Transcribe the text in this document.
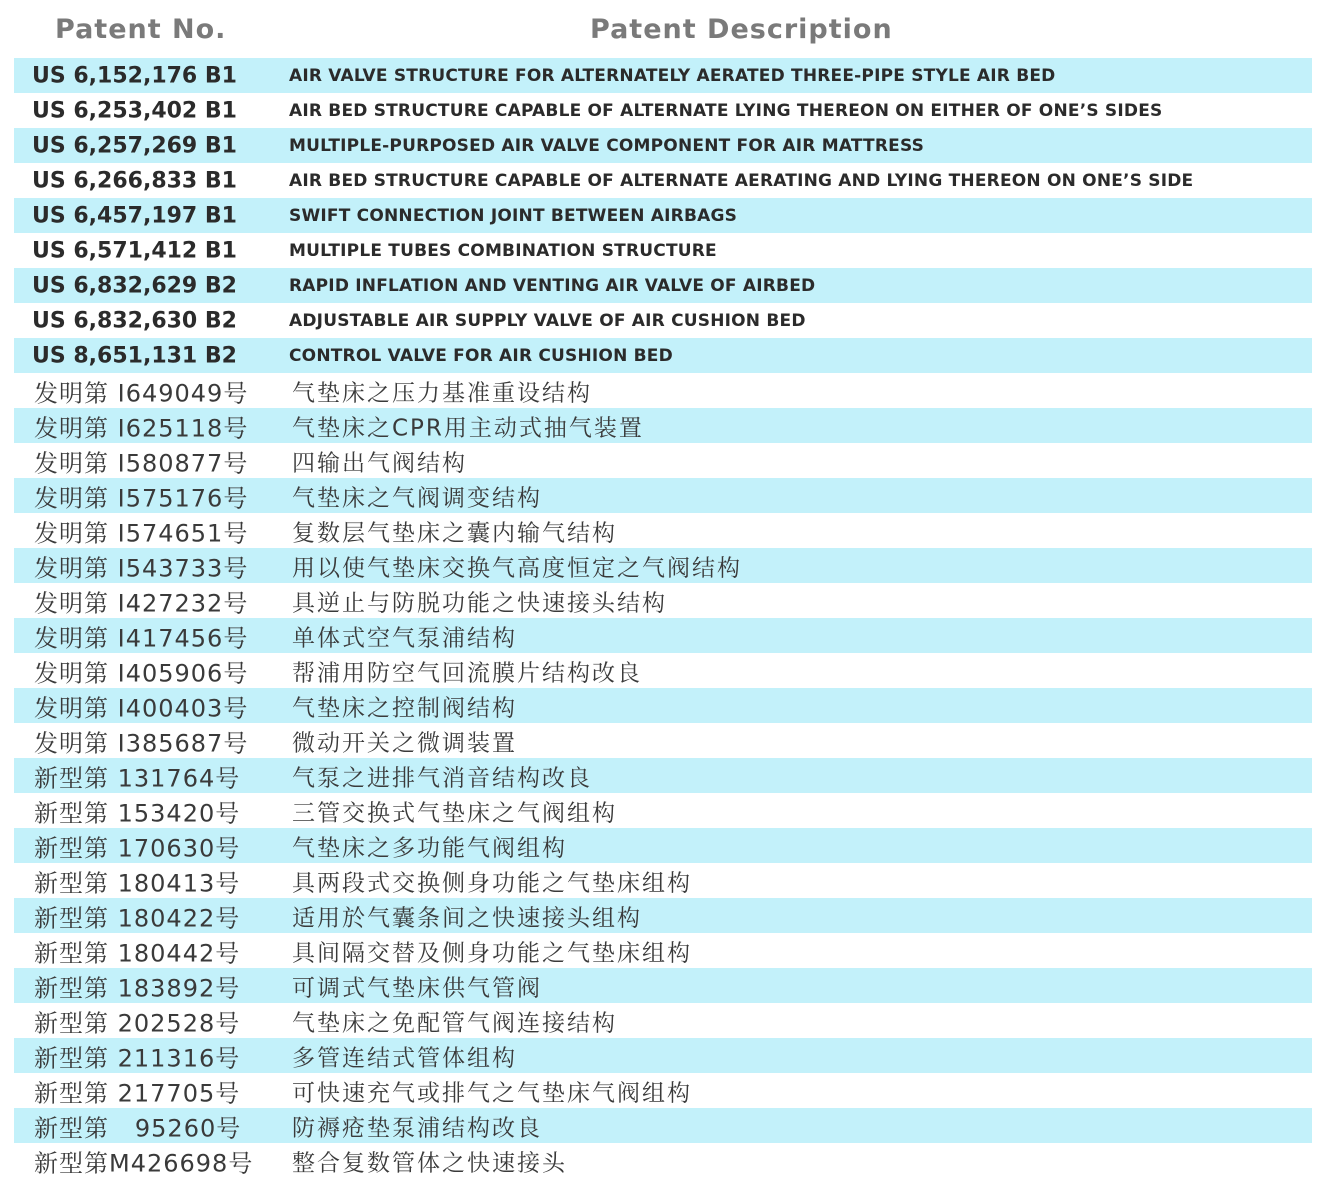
Patent No.	Patent Description
US 6,152,176 B1	AIR VALVE STRUCTURE FOR ALTERNATELY AERATED THREE-PIPE STYLE AIR BED
US 6,253,402 B1	AIR BED STRUCTURE CAPABLE OF ALTERNATE LYING THEREON ON EITHER OF ONE’S SIDES
US 6,257,269 B1	MULTIPLE-PURPOSED AIR VALVE COMPONENT FOR AIR MATTRESS
US 6,266,833 B1	AIR BED STRUCTURE CAPABLE OF ALTERNATE AERATING AND LYING THEREON ON ONE’S SIDE
US 6,457,197 B1	SWIFT CONNECTION JOINT BETWEEN AIRBAGS
US 6,571,412 B1	MULTIPLE TUBES COMBINATION STRUCTURE
US 6,832,629 B2	RAPID INFLATION AND VENTING AIR VALVE OF AIRBED
US 6,832,630 B2	ADJUSTABLE AIR SUPPLY VALVE OF AIR CUSHION BED
US 8,651,131 B2	CONTROL VALVE FOR AIR CUSHION BED
发明第 I649049号 气垫床之压力基准重设结构
发明第 I625118号 气垫床之CPR用主动式抽气装置
发明第 I580877号 四输出气阀结构
发明第 I575176号 气垫床之气阀调变结构
发明第 I574651号 复数层气垫床之囊内输气结构
发明第 I543733号 用以使气垫床交换气高度恒定之气阀结构
发明第 I427232号 具逆止与防脱功能之快速接头结构
发明第 I417456号 单体式空气泵浦结构
发明第 I405906号 帮浦用防空气回流膜片结构改良
发明第 I400403号 气垫床之控制阀结构
发明第 I385687号 微动开关之微调装置
新型第 131764号 气泵之进排气消音结构改良
新型第 153420号 三管交换式气垫床之气阀组构
新型第 170630号 气垫床之多功能气阀组构
新型第 180413号 具两段式交换侧身功能之气垫床组构
新型第 180422号 适用於气囊条间之快速接头组构
新型第 180442号 具间隔交替及侧身功能之气垫床组构
新型第 183892号 可调式气垫床供气管阀
新型第 202528号 气垫床之免配管气阀连接结构
新型第 211316号 多管连结式管体组构
新型第 217705号 可快速充气或排气之气垫床气阀组构
新型第   95260号 防褥疮垫泵浦结构改良
新型第M426698号 整合复数管体之快速接头
